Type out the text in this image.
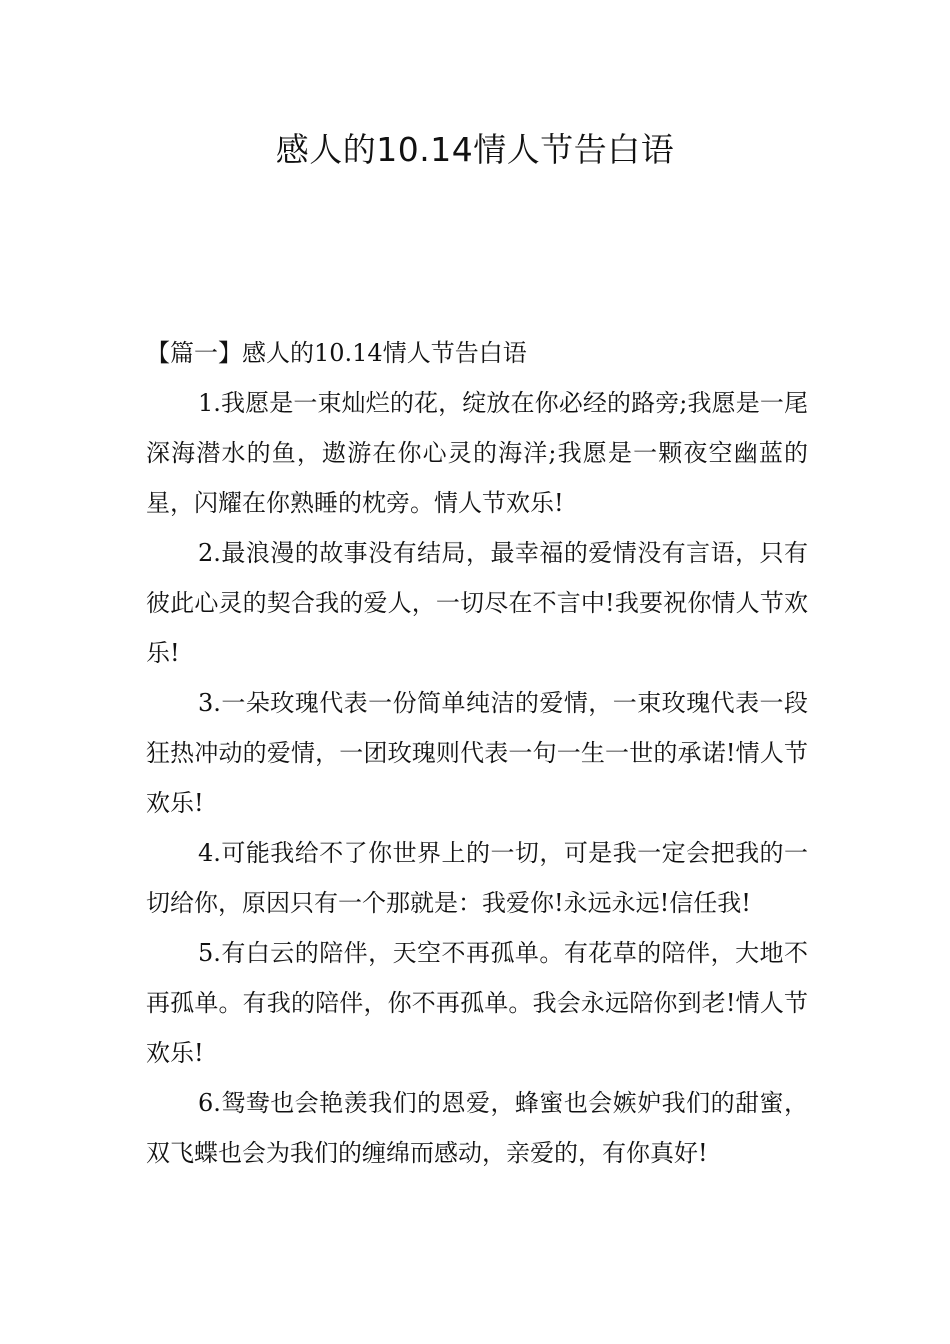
感人的10.14情人节告白语

【篇一】感人的10.14情人节告白语

1.我愿是一束灿烂的花，绽放在你必经的路旁;我愿是一尾深海潜水的鱼，遨游在你心灵的海洋;我愿是一颗夜空幽蓝的星，闪耀在你熟睡的枕旁。情人节欢乐!

2.最浪漫的故事没有结局，最幸福的爱情没有言语，只有彼此心灵的契合我的爱人，一切尽在不言中!我要祝你情人节欢乐!

3.一朵玫瑰代表一份简单纯洁的爱情，一束玫瑰代表一段狂热冲动的爱情，一团玫瑰则代表一句一生一世的承诺!情人节欢乐!

4.可能我给不了你世界上的一切，可是我一定会把我的一切给你，原因只有一个那就是：我爱你!永远永远!信任我!

5.有白云的陪伴，天空不再孤单。有花草的陪伴，大地不再孤单。有我的陪伴，你不再孤单。我会永远陪你到老!情人节欢乐!

6.鸳鸯也会艳羡我们的恩爱，蜂蜜也会嫉妒我们的甜蜜，双飞蝶也会为我们的缠绵而感动，亲爱的，有你真好!
